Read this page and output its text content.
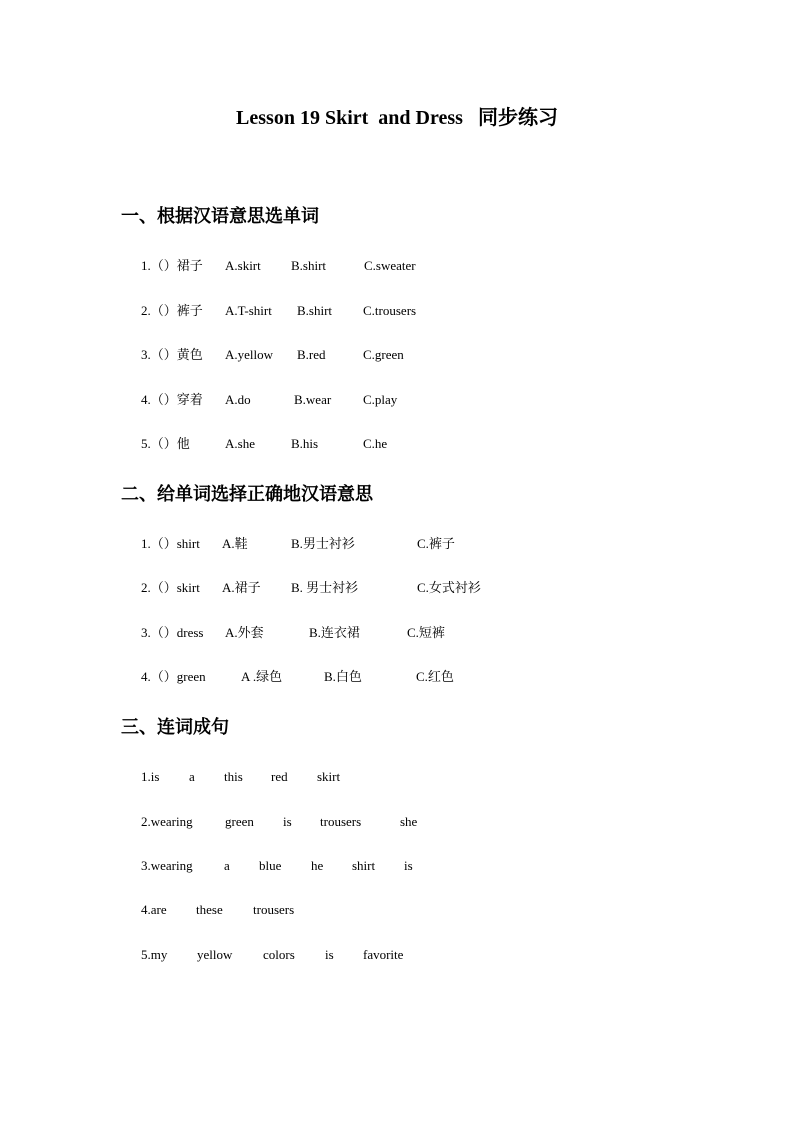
Lesson 19 Skirt  and Dress   同步练习
一、根据汉语意思选单词
1.（）裙子 A.skirt B.shirt	C.sweater
2.（）裤子 A.T-shirt B.shirt C.trousers
3.（）黄色 A.yellow B.red	C.green
4.（）穿着 A.do	B.wear C.play
5.（）他	A.she	B.his	C.he
二、给单词选择正确地汉语意思
1.（）shirt A.鞋	B.男士衬衫	C.裤子
2.（）skirt A.裙子 B. 男士衬衫	C.女式衬衫
3.（）dress A.外套	B.连衣裙	C.短裤
4.（）green	A .绿色	B.白色	C.红色
三、连词成句
1.is a this red skirt
2.wearing green is trousers	she
3.wearing a blue he shirt is
4.are these trousers
5.my yellow colors is favorite
